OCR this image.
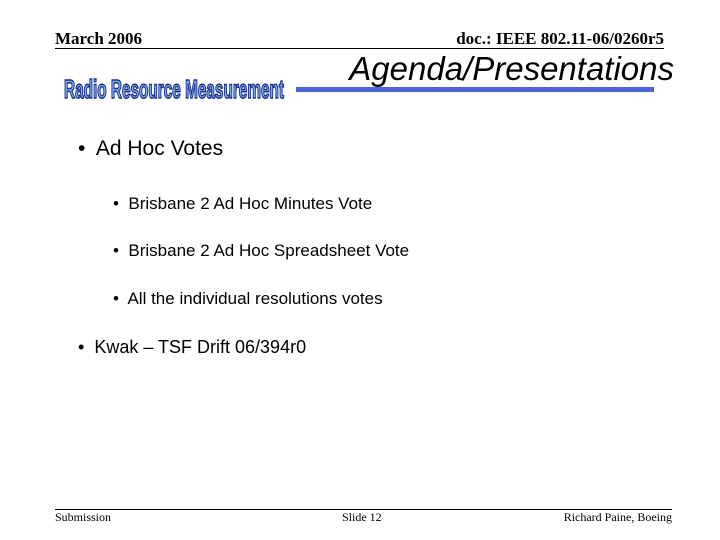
March 2006	doc.: IEEE 802.11-06/0260r5
Radio Resource Measurement
Agenda/Presentations
• Ad Hoc Votes
• Brisbane 2 Ad Hoc Minutes Vote
• Brisbane 2 Ad Hoc Spreadsheet Vote
• All the individual resolutions votes
• Kwak – TSF Drift 06/394r0
Submission	Slide 12	Richard Paine, Boeing
